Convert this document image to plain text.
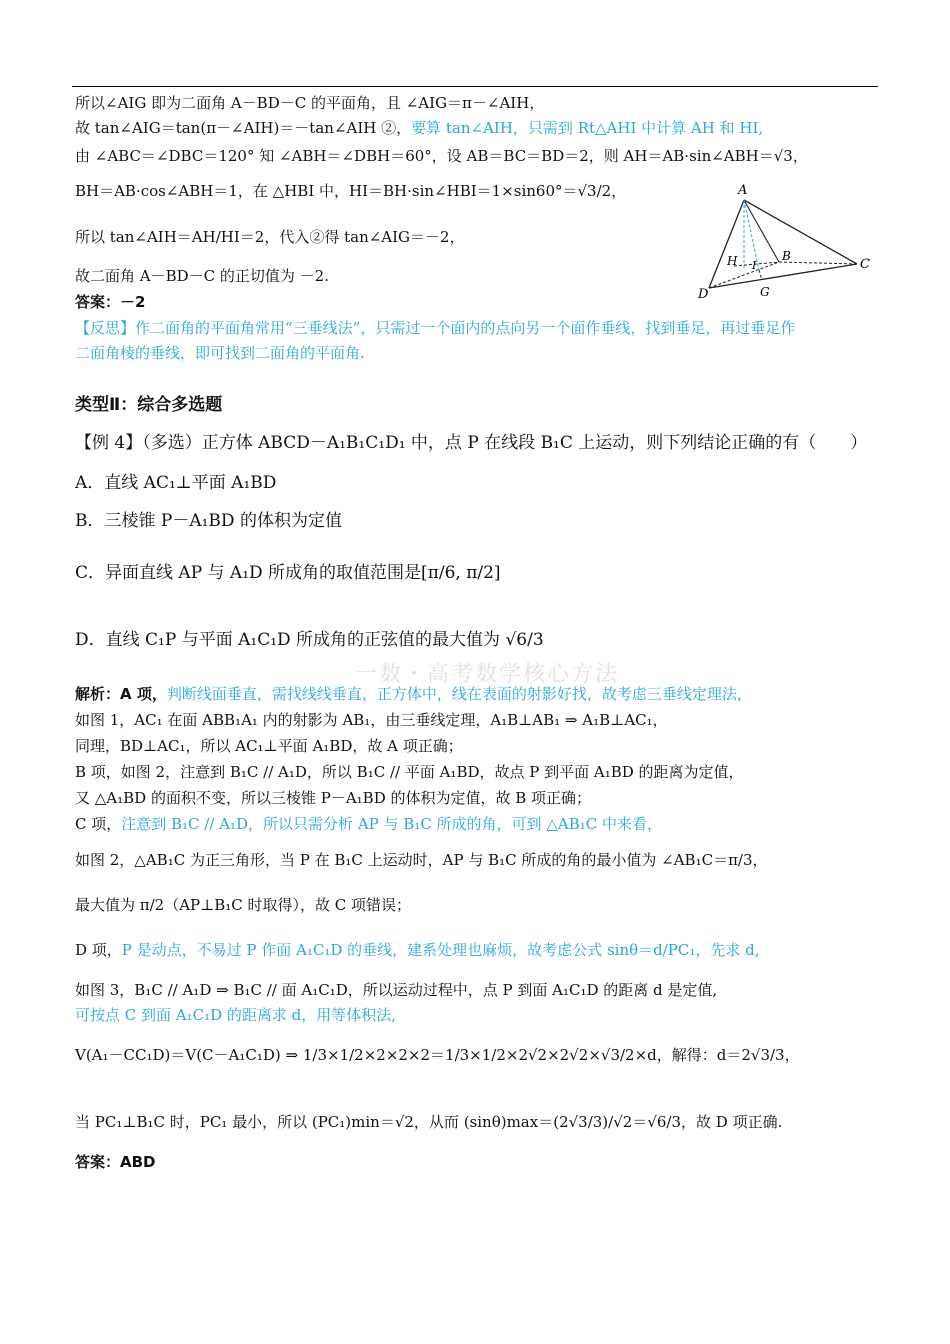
所以∠AIG 即为二面角 A－BD－C 的平面角，且 ∠AIG＝π－∠AIH，
故 tan∠AIG＝tan(π－∠AIH)＝－tan∠AIH ②，要算 tan∠AIH，只需到 Rt△AHI 中计算 AH 和 HI,
由 ∠ABC＝∠DBC＝120° 知 ∠ABH＝∠DBH＝60°，设 AB＝BC＝BD＝2，则 AH＝AB·sin∠ABH＝√3，
BH＝AB·cos∠ABH＝1，在 △HBI 中，HI＝BH·sin∠HBI＝1×sin60°＝√3/2，
所以 tan∠AIH＝AH/HI＝2，代入②得 tan∠AIG＝－2，
故二面角 A－BD－C 的正切值为 －2.
答案：－2
【反思】作二面角的平面角常用“三垂线法”，只需过一个面内的点向另一个面作垂线，找到垂足，再过垂足作
二面角棱的垂线，即可找到二面角的平面角.
类型Ⅱ：综合多选题
【例 4】（多选）正方体 ABCD－A₁B₁C₁D₁ 中，点 P 在线段 B₁C 上运动，则下列结论正确的有（　　）
A．直线 AC₁⊥平面 A₁BD
B．三棱锥 P－A₁BD 的体积为定值
C．异面直线 AP 与 A₁D 所成角的取值范围是[π/6, π/2]
D．直线 C₁P 与平面 A₁C₁D 所成角的正弦值的最大值为 √6/3
一数・高考数学核心方法
解析：A 项，判断线面垂直，需找线线垂直，正方体中，线在表面的射影好找，故考虑三垂线定理法，
如图 1，AC₁ 在面 ABB₁A₁ 内的射影为 AB₁，由三垂线定理，A₁B⊥AB₁ ⇒ A₁B⊥AC₁，
同理，BD⊥AC₁，所以 AC₁⊥平面 A₁BD，故 A 项正确；
B 项，如图 2，注意到 B₁C // A₁D，所以 B₁C // 平面 A₁BD，故点 P 到平面 A₁BD 的距离为定值，
又 △A₁BD 的面积不变，所以三棱锥 P－A₁BD 的体积为定值，故 B 项正确；
C 项，注意到 B₁C // A₁D，所以只需分析 AP 与 B₁C 所成的角，可到 △AB₁C 中来看，
如图 2，△AB₁C 为正三角形，当 P 在 B₁C 上运动时，AP 与 B₁C 所成的角的最小值为 ∠AB₁C＝π/3，
最大值为 π/2（AP⊥B₁C 时取得），故 C 项错误；
D 项，P 是动点，不易过 P 作面 A₁C₁D 的垂线，建系处理也麻烦，故考虑公式 sinθ＝d/PC₁，先求 d,
如图 3，B₁C // A₁D ⇒ B₁C // 面 A₁C₁D，所以运动过程中，点 P 到面 A₁C₁D 的距离 d 是定值,
可按点 C 到面 A₁C₁D 的距离求 d，用等体积法,
V(A₁－CC₁D)＝V(C－A₁C₁D) ⇒ 1/3×1/2×2×2×2＝1/3×1/2×2√2×2√2×√3/2×d，解得：d＝2√3/3，
当 PC₁⊥B₁C 时，PC₁ 最小，所以 (PC₁)min＝√2，从而 (sinθ)max＝(2√3/3)/√2＝√6/3，故 D 项正确.
答案：ABD
A
B
C
D	G
H I
